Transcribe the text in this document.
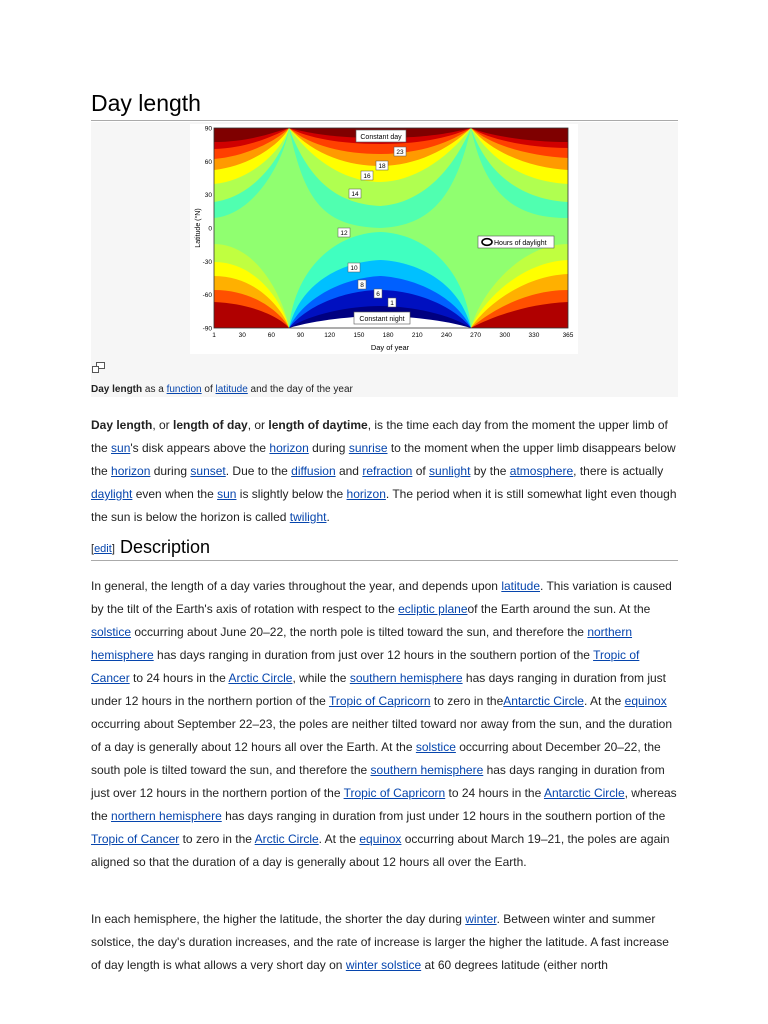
Day length
Latitude (°N)
Day of year
90
60
30
0
-30
-60
-90
1	30	60	90	120	150	180	210	240	270	300	330	365
Constant day
Constant night
Hours of daylight
23
18
16
14
12
10
8
6
1
Day length as a function of latitude and the day of the year

Day length, or length of day, or length of daytime, is the time each day from the moment the upper limb of the sun's disk appears above the horizon during sunrise to the moment when the upper limb disappears below the horizon during sunset. Due to the diffusion and refraction of sunlight by the atmosphere, there is actually daylight even when the sun is slightly below the horizon. The period when it is still somewhat light even though the sun is below the horizon is called twilight.

[edit] Description

In general, the length of a day varies throughout the year, and depends upon latitude. This variation is caused by the tilt of the Earth's axis of rotation with respect to the ecliptic planeof the Earth around the sun. At the solstice occurring about June 20–22, the north pole is tilted toward the sun, and therefore the northern hemisphere has days ranging in duration from just over 12 hours in the southern portion of the Tropic of Cancer to 24 hours in the Arctic Circle, while the southern hemisphere has days ranging in duration from just under 12 hours in the northern portion of the Tropic of Capricorn to zero in theAntarctic Circle. At the equinox occurring about September 22–23, the poles are neither tilted toward nor away from the sun, and the duration of a day is generally about 12 hours all over the Earth. At the solstice occurring about December 20–22, the south pole is tilted toward the sun, and therefore the southern hemisphere has days ranging in duration from just over 12 hours in the northern portion of the Tropic of Capricorn to 24 hours in the Antarctic Circle, whereas the northern hemisphere has days ranging in duration from just under 12 hours in the southern portion of the Tropic of Cancer to zero in the Arctic Circle. At the equinox occurring about March 19–21, the poles are again aligned so that the duration of a day is generally about 12 hours all over the Earth.

In each hemisphere, the higher the latitude, the shorter the day during winter. Between winter and summer solstice, the day's duration increases, and the rate of increase is larger the higher the latitude. A fast increase of day length is what allows a very short day on winter solstice at 60 degrees latitude (either north
